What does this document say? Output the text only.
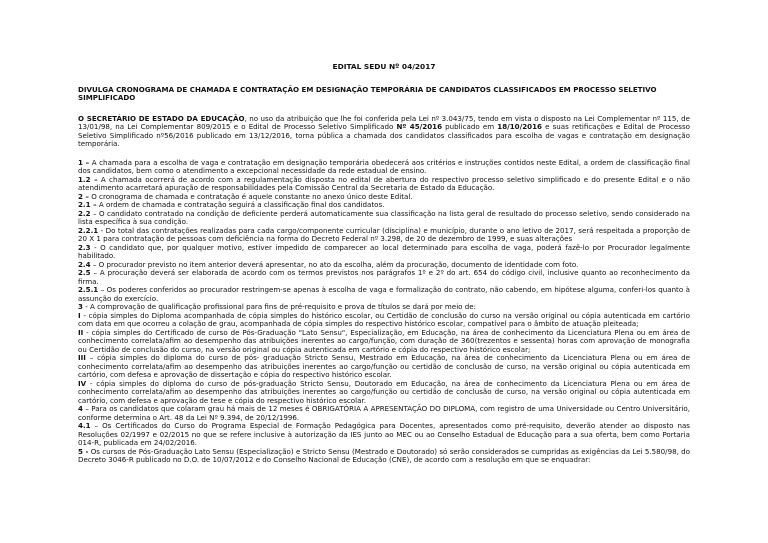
EDITAL SEDU Nº 04/2017
DIVULGA CRONOGRAMA DE CHAMADA E CONTRATAÇÃO EM DESIGNAÇÃO TEMPORÁRIA DE CANDIDATOS CLASSIFICADOS EM PROCESSO SELETIVO SIMPLIFICADO

O SECRETÁRIO DE ESTADO DA EDUCAÇÃO, no uso da atribuição que lhe foi conferida pela Lei nº 3.043/75, tendo em vista o disposto na Lei Complementar nº 115, de 13/01/98, na Lei Complementar 809/2015 e o Edital de Processo Seletivo Simplificado Nº 45/2016 publicado em 18/10/2016 e suas retificações e Edital de Processo Seletivo Simplificado nº56/2016 publicado em 13/12/2016, torna pública a chamada dos candidatos classificados para escolha de vagas e contratação em designação temporária.

1 – A chamada para a escolha de vaga e contratação em designação temporária obedecerá aos critérios e instruções contidos neste Edital, a ordem de classificação final dos candidatos, bem como o atendimento a excepcional necessidade da rede estadual de ensino.

1.2 – A chamada ocorrerá de acordo com a regulamentação disposta no edital de abertura do respectivo processo seletivo simplificado e do presente Edital e o não atendimento acarretará apuração de responsabilidades pela Comissão Central da Secretaria de Estado da Educação.

2 – O cronograma de chamada e contratação é aquele constante no anexo único deste Edital.

2.1 – A ordem de chamada e contratação seguirá a classificação final dos candidatos.

2.2 – O candidato contratado na condição de deficiente perderá automaticamente sua classificação na lista geral de resultado do processo seletivo, sendo considerado na lista específica à sua condição.

2.2.1 - Do total das contratações realizadas para cada cargo/componente curricular (disciplina) e município, durante o ano letivo de 2017, será respeitada a proporção de 20 X 1 para contratação de pessoas com deficiência na forma do Decreto Federal nº 3.298, de 20 de dezembro de 1999, e suas alterações

2.3 - O candidato que, por qualquer motivo, estiver impedido de comparecer ao local determinado para escolha de vaga, poderá fazê-lo por Procurador legalmente habilitado.

2.4 – O procurador previsto no item anterior deverá apresentar, no ato da escolha, além da procuração, documento de identidade com foto.

2.5 – A procuração deverá ser elaborada de acordo com os termos previstos nos parágrafos 1º e 2º do art. 654 do código civil, inclusive quanto ao reconhecimento da firma.

2.5.1 – Os poderes conferidos ao procurador restringem-se apenas à escolha de vaga e formalização do contrato, não cabendo, em hipótese alguma, conferi-los quanto à assunção do exercício.

3 - A comprovação de qualificação profissional para fins de pré-requisito e prova de títulos se dará por meio de:

I - cópia simples do Diploma acompanhada de cópia simples do histórico escolar, ou Certidão de conclusão do curso na versão original ou cópia autenticada em cartório com data em que ocorreu a colação de grau, acompanhada de cópia simples do respectivo histórico escolar, compatível para o âmbito de atuação pleiteada;

II - cópia simples do Certificado de curso de Pós-Graduação "Lato Sensu", Especialização, em Educação, na área de conhecimento da Licenciatura Plena ou em área de conhecimento correlata/afim ao desempenho das atribuições inerentes ao cargo/função, com duração de 360(trezentos e sessenta) horas com aprovação de monografia ou Certidão de conclusão do curso, na versão original ou cópia autenticada em cartório e cópia do respectivo histórico escolar;

III – cópia simples do diploma do curso de pós- graduação Stricto Sensu, Mestrado em Educação, na área de conhecimento da Licenciatura Plena ou em área de conhecimento correlata/afim ao desempenho das atribuições inerentes ao cargo/função ou certidão de conclusão de curso, na versão original ou cópia autenticada em cartório, com defesa e aprovação de dissertação e cópia do respectivo histórico escolar.

IV - cópia simples do diploma do curso de pós-graduação Stricto Sensu, Doutorado em Educação, na área de conhecimento da Licenciatura Plena ou em área de conhecimento correlata/afim ao desempenho das atribuições inerentes ao cargo/função ou certidão de conclusão de curso, na versão original ou cópia autenticada em cartório, com defesa e aprovação de tese e cópia do respectivo histórico escolar.

4 – Para os candidatos que colaram grau há mais de 12 meses é OBRIGATÓRIA A APRESENTAÇÃO DO DIPLOMA, com registro de uma Universidade ou Centro Universitário, conforme determina o Art. 48 da Lei Nº 9.394, de 20/12/1996.

4.1 – Os Certificados do Curso do Programa Especial de Formação Pedagógica para Docentes, apresentados como pré-requisito, deverão atender ao disposto nas Resoluções 02/1997 e 02/2015 no que se refere inclusive à autorização da IES junto ao MEC ou ao Conselho Estadual de Educação para a sua oferta, bem como Portaria 014-R, publicada em 24/02/2016.

5 - Os cursos de Pós-Graduação Lato Sensu (Especialização) e Stricto Sensu (Mestrado e Doutorado) só serão considerados se cumpridas as exigências da Lei 5.580/98, do Decreto 3046-R publicado no D.O. de 10/07/2012 e do Conselho Nacional de Educação (CNE), de acordo com a resolução em que se enquadrar:
